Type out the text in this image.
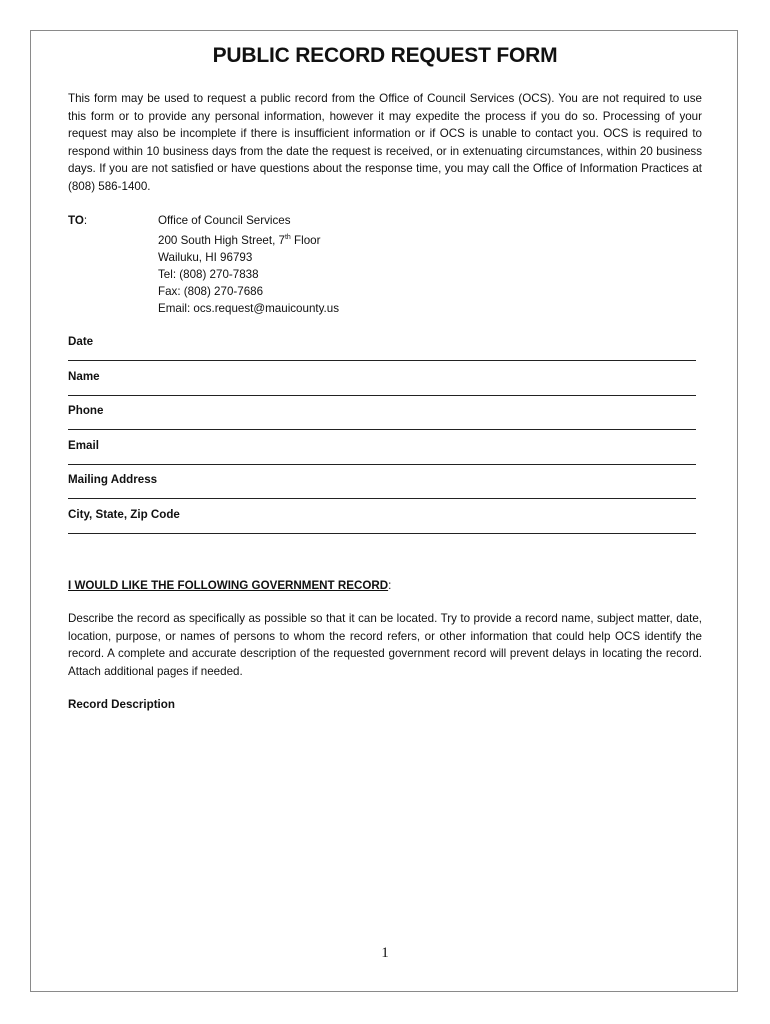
PUBLIC RECORD REQUEST FORM
This form may be used to request a public record from the Office of Council Services (OCS). You are not required to use this form or to provide any personal information, however it may expedite the process if you do so. Processing of your request may also be incomplete if there is insufficient information or if OCS is unable to contact you. OCS is required to respond within 10 business days from the date the request is received, or in extenuating circumstances, within 20 business days. If you are not satisfied or have questions about the response time, you may call the Office of Information Practices at (808) 586-1400.
TO:	Office of Council Services
200 South High Street, 7th Floor
Wailuku, HI 96793
Tel: (808) 270-7838
Fax: (808) 270-7686
Email: ocs.request@mauicounty.us
Date
Name
Phone
Email
Mailing Address
City, State, Zip Code
I WOULD LIKE THE FOLLOWING GOVERNMENT RECORD:
Describe the record as specifically as possible so that it can be located. Try to provide a record name, subject matter, date, location, purpose, or names of persons to whom the record refers, or other information that could help OCS identify the record. A complete and accurate description of the requested government record will prevent delays in locating the record. Attach additional pages if needed.
Record Description
1
